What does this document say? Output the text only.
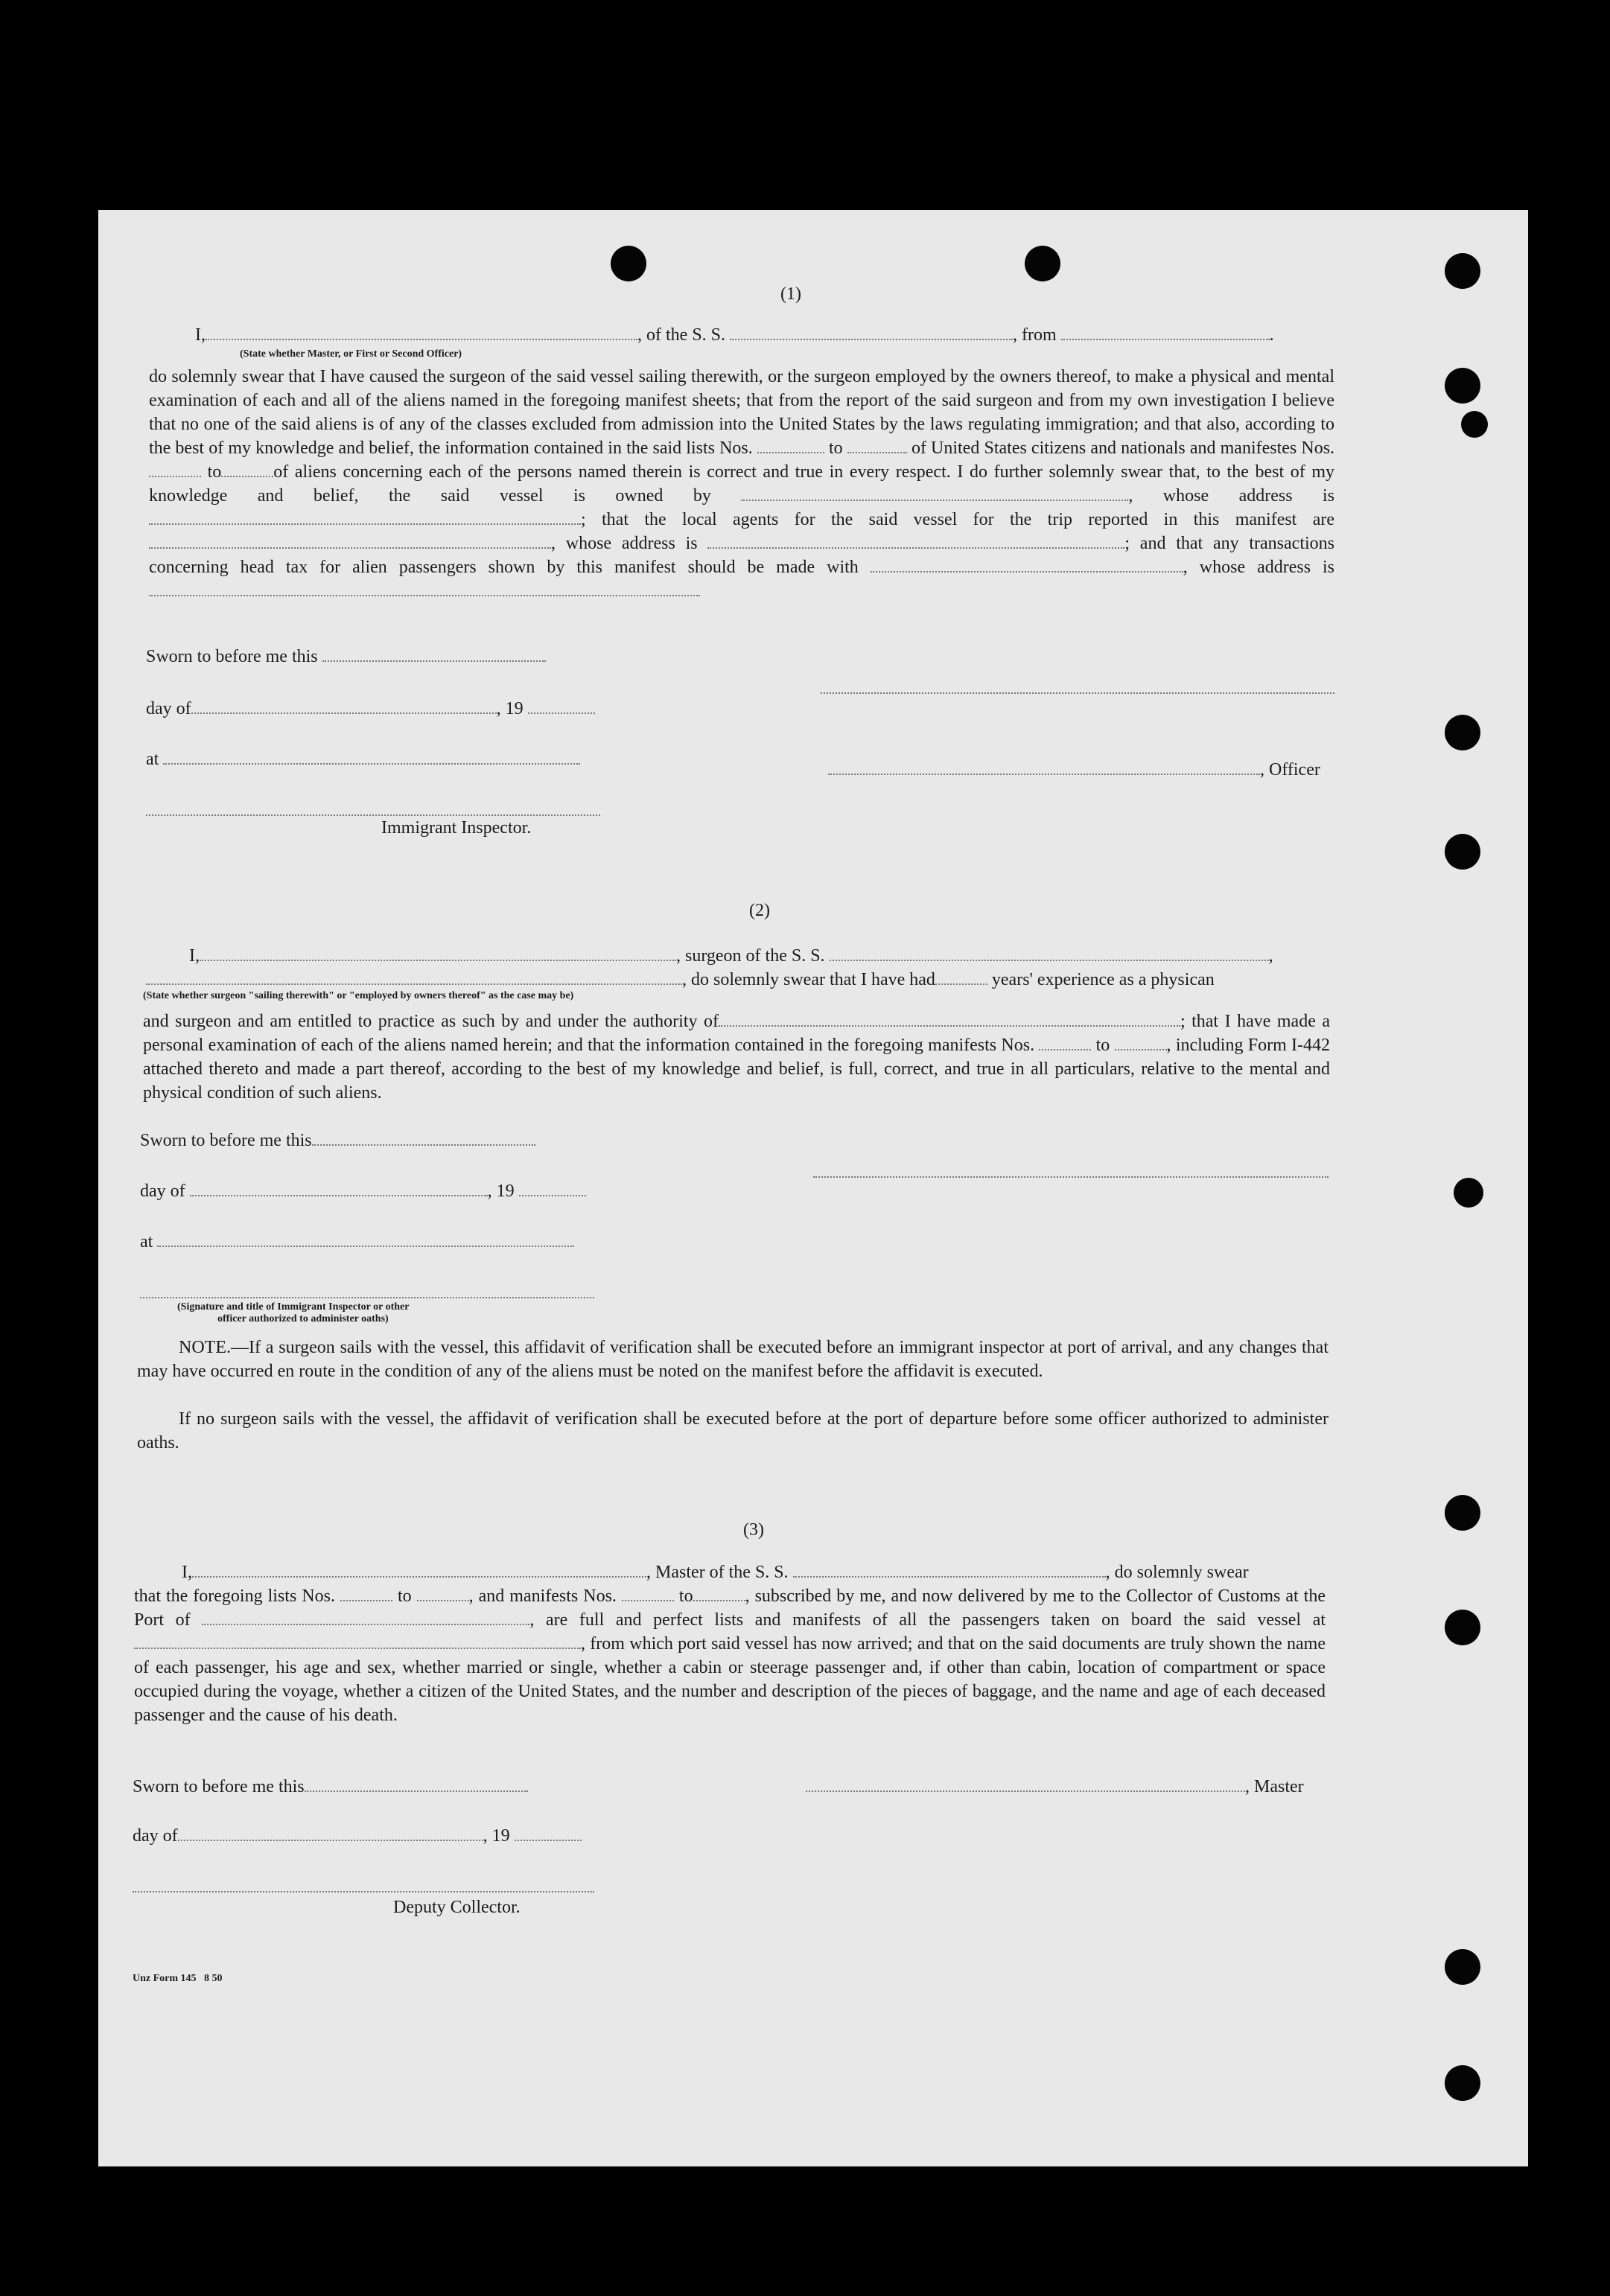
(1)
I,	, of the S. S.	, from	.
(State whether Master, or First or Second Officer)
do solemnly swear that I have caused the surgeon of the said vessel sailing therewith, or the surgeon employed by the owners thereof, to make a physical and mental examination of each and all of the aliens named in the foregoing manifest sheets; that from the report of the said surgeon and from my own investigation I believe that no one of the said aliens is of any of the classes excluded from admission into the United States by the laws regulating immigration; and that also, according to the best of my knowledge and belief, the information contained in the said lists Nos.	to	of United States citizens and nationals and manifestes Nos.  to	of aliens concerning each of the persons named therein is correct and true in every respect. I do further solemnly swear that, to the best of my knowledge and belief, the said vessel is owned by	, whose address is ; that the local agents for the said vessel for the trip reported in this manifest are , whose address is	; and that any transactions concerning head tax for alien passengers shown by this manifest should be made with	, whose address is
Sworn to before me this
day of	, 19
at
, Officer
Immigrant Inspector.
(2)
I,	, surgeon of the S. S.	,
, do solemnly swear that I have had	years' experience as a physican
(State whether surgeon "sailing therewith" or "employed by owners thereof" as the case may be)
and surgeon and am entitled to practice as such by and under the authority of	; that I have made a personal examination of each of the aliens named herein; and that the information contained in the foregoing manifests Nos.	to	, including Form I-442 attached thereto and made a part thereof, according to the best of my knowledge and belief, is full, correct, and true in all particulars, relative to the mental and physical condition of such aliens.
Sworn to before me this
day of	, 19
at
(Signature and title of Immigrant Inspector or other
officer authorized to administer oaths)
NOTE.—If a surgeon sails with the vessel, this affidavit of verification shall be executed before an immigrant inspector at port of arrival, and any changes that may have occurred en route in the condition of any of the aliens must be noted on the manifest before the affidavit is executed.
If no surgeon sails with the vessel, the affidavit of verification shall be executed before at the port of departure before some officer authorized to administer oaths.
(3)
I,	, Master of the S. S.	, do solemnly swear
that the foregoing lists Nos.	to	, and manifests Nos.	to	, subscribed by me, and now delivered by me to the Collector of Customs at the Port of	, are full and perfect lists and manifests of all the passengers taken on board the said vessel at , from which port said vessel has now arrived; and that on the said documents are truly shown the name of each passenger, his age and sex, whether married or single, whether a cabin or steerage passenger and, if other than cabin, location of compartment or space occupied during the voyage, whether a citizen of the United States, and the number and description of the pieces of baggage, and the name and age of each deceased passenger and the cause of his death.
Sworn to before me this	, Master
day of	, 19
Deputy Collector.
Unz Form 145   8 50
